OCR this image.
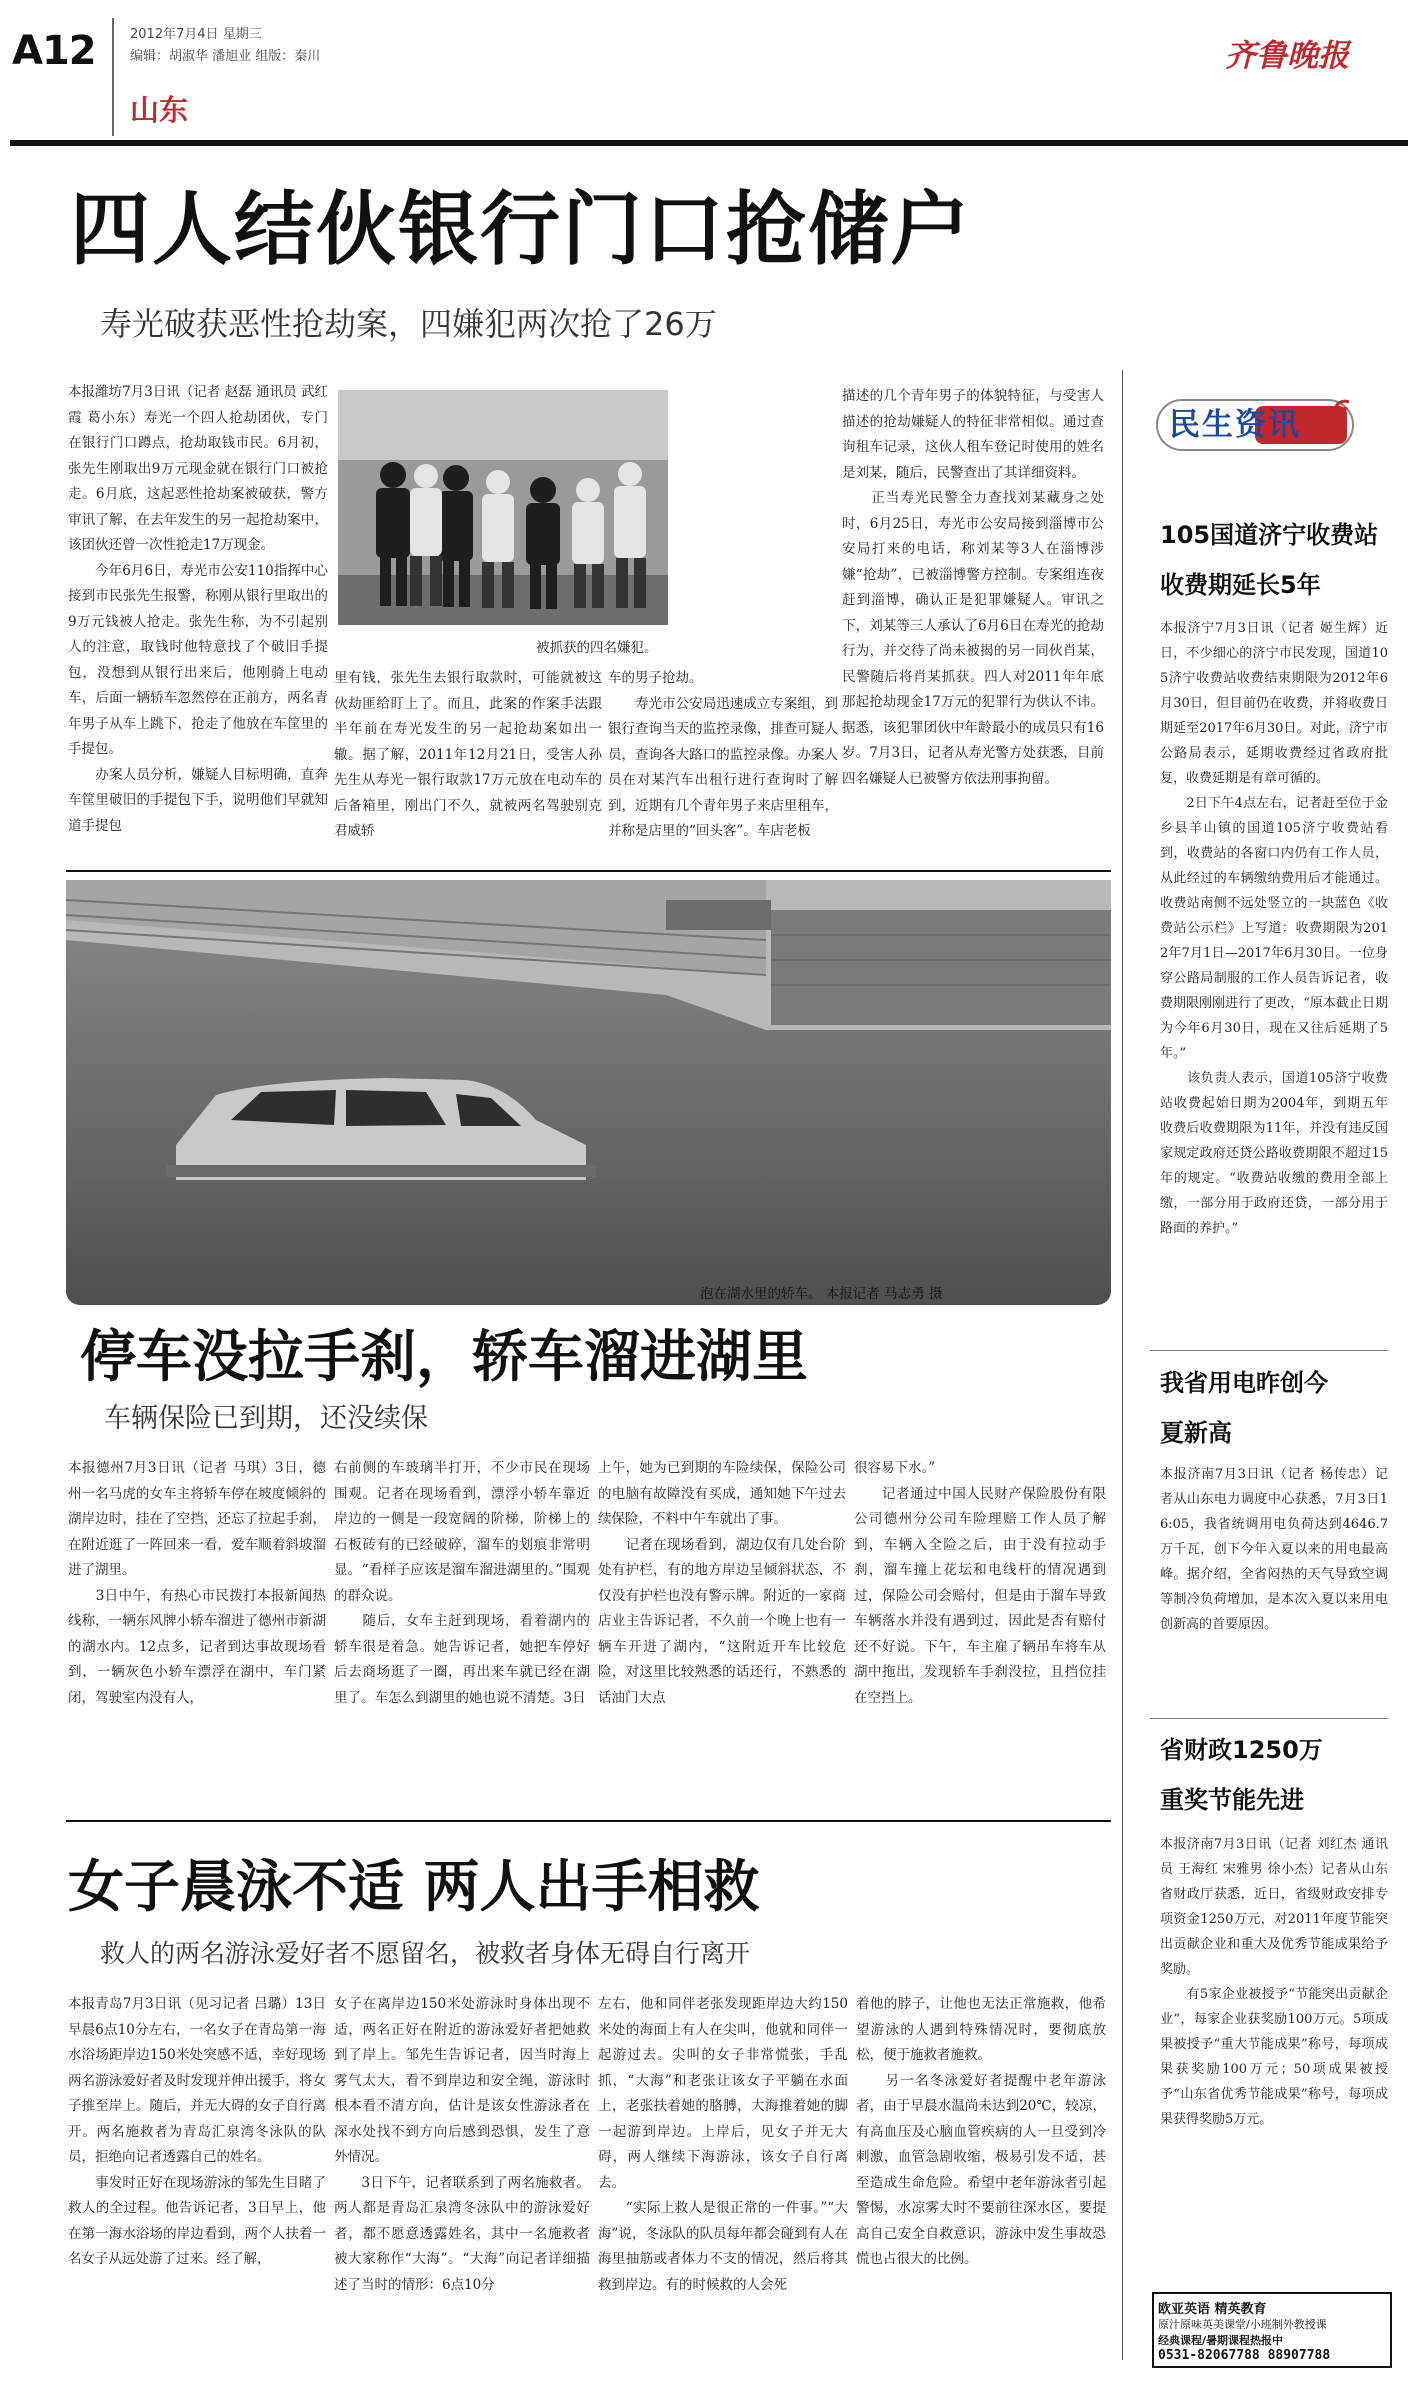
A12	2012年7月4日 星期三
编辑：胡淑华 潘旭业 组版：秦川
山东
齐鲁晚报
四人结伙银行门口抢储户
寿光破获恶性抢劫案，四嫌犯两次抢了26万
本报潍坊7月3日讯（记者 赵磊 通讯员 武红霞 葛小东）寿光一个四人抢劫团伙，专门在银行门口蹲点，抢劫取钱市民。6月初，张先生刚取出9万元现金就在银行门口被抢走。6月底，这起恶性抢劫案被破获，警方审讯了解，在去年发生的另一起抢劫案中，该团伙还曾一次性抢走17万现金。
　　今年6月6日，寿光市公安110指挥中心接到市民张先生报警，称刚从银行里取出的9万元钱被人抢走。张先生称，为不引起别人的注意，取钱时他特意找了个破旧手提包，没想到从银行出来后，他刚骑上电动车，后面一辆轿车忽然停在正前方，两名青年男子从车上跳下，抢走了他放在车筐里的手提包。
　　办案人员分析，嫌疑人目标明确，直奔车筐里破旧的手提包下手，说明他们早就知道手提包
里有钱，张先生去银行取款时，可能就被这伙劫匪给盯上了。而且，此案的作案手法跟半年前在寿光发生的另一起抢劫案如出一辙。据了解，2011年12月21日，受害人孙先生从寿光一银行取款17万元放在电动车的后备箱里，刚出门不久，就被两名驾驶别克君威轿
车的男子抢劫。
　　寿光市公安局迅速成立专案组，到银行查询当天的监控录像，排查可疑人员，查询各大路口的监控录像。办案人员在对某汽车出租行进行查询时了解到，近期有几个青年男子来店里租车，并称是店里的“回头客”。车店老板
描述的几个青年男子的体貌特征，与受害人描述的抢劫嫌疑人的特征非常相似。通过查询租车记录，这伙人租车登记时使用的姓名是刘某，随后，民警查出了其详细资料。
　　正当寿光民警全力查找刘某藏身之处时，6月25日，寿光市公安局接到淄博市公安局打来的电话，称刘某等3人在淄博涉嫌“抢劫”，已被淄博警方控制。专案组连夜赶到淄博，确认正是犯罪嫌疑人。审讯之下，刘某等三人承认了6月6日在寿光的抢劫行为，并交待了尚未被揭的另一同伙肖某，民警随后将肖某抓获。四人对2011年年底那起抢劫现金17万元的犯罪行为供认不讳。据悉，该犯罪团伙中年龄最小的成员只有16岁。7月3日，记者从寿光警方处获悉，目前四名嫌疑人已被警方依法刑事拘留。
被抓获的四名嫌犯。
泡在湖水里的轿车。 本报记者 马志勇 摄
停车没拉手刹，轿车溜进湖里
车辆保险已到期，还没续保
本报德州7月3日讯（记者 马琪）3日，德州一名马虎的女车主将轿车停在坡度倾斜的湖岸边时，挂在了空挡，还忘了拉起手刹，在附近逛了一阵回来一看，爱车顺着斜坡溜进了湖里。
　　3日中午，有热心市民拨打本报新闻热线称，一辆东风牌小轿车溜进了德州市新湖的湖水内。12点多，记者到达事故现场看到，一辆灰色小轿车漂浮在湖中，车门紧闭，驾驶室内没有人，
右前侧的车玻璃半打开，不少市民在现场围观。记者在现场看到，漂浮小轿车靠近岸边的一侧是一段宽阔的阶梯，阶梯上的石板砖有的已经破碎，溜车的划痕非常明显。“看样子应该是溜车溜进湖里的。”围观的群众说。
　　随后，女车主赶到现场，看着湖内的轿车很是着急。她告诉记者，她把车停好后去商场逛了一圈，再出来车就已经在湖里了。车怎么到湖里的她也说不清楚。3日
上午，她为已到期的车险续保，保险公司的电脑有故障没有买成，通知她下午过去续保险，不料中午车就出了事。
　　记者在现场看到，湖边仅有几处台阶处有护栏，有的地方岸边呈倾斜状态，不仅没有护栏也没有警示牌。附近的一家商店业主告诉记者，不久前一个晚上也有一辆车开进了湖内，“这附近开车比较危险，对这里比较熟悉的话还行，不熟悉的话油门大点
很容易下水。”
　　记者通过中国人民财产保险股份有限公司德州分公司车险理赔工作人员了解到，车辆入全险之后，由于没有拉动手刹，溜车撞上花坛和电线杆的情况遇到过，保险公司会赔付，但是由于溜车导致车辆落水并没有遇到过，因此是否有赔付还不好说。下午，车主雇了辆吊车将车从湖中拖出，发现轿车手刹没拉，且挡位挂在空挡上。
女子晨泳不适 两人出手相救
救人的两名游泳爱好者不愿留名，被救者身体无碍自行离开
本报青岛7月3日讯（见习记者 吕璐）13日早晨6点10分左右，一名女子在青岛第一海水浴场距岸边150米处突感不适，幸好现场两名游泳爱好者及时发现并伸出援手，将女子推至岸上。随后，并无大碍的女子自行离开。两名施救者为青岛汇泉湾冬泳队的队员，拒绝向记者透露自己的姓名。
　　事发时正好在现场游泳的邹先生目睹了救人的全过程。他告诉记者，3日早上，他在第一海水浴场的岸边看到，两个人扶着一名女子从远处游了过来。经了解，
女子在离岸边150米处游泳时身体出现不适，两名正好在附近的游泳爱好者把她救到了岸上。邹先生告诉记者，因当时海上雾气太大，看不到岸边和安全绳，游泳时根本看不清方向，估计是该女性游泳者在深水处找不到方向后感到恐惧，发生了意外情况。
　　3日下午，记者联系到了两名施救者。两人都是青岛汇泉湾冬泳队中的游泳爱好者，都不愿意透露姓名，其中一名施救者被大家称作“大海”。“大海”向记者详细描述了当时的情形：6点10分
左右，他和同伴老张发现距岸边大约150米处的海面上有人在尖叫，他就和同伴一起游过去。尖叫的女子非常慌张，手乱抓，“大海”和老张让该女子平躺在水面上，老张扶着她的胳膊，大海推着她的脚一起游到岸边。上岸后，见女子并无大碍，两人继续下海游泳，该女子自行离去。
　　“实际上救人是很正常的一件事。”“大海”说，冬泳队的队员每年都会碰到有人在海里抽筋或者体力不支的情况，然后将其救到岸边。有的时候救的人会死
着他的脖子，让他也无法正常施救，他希望游泳的人遇到特殊情况时，要彻底放松，便于施救者施救。
　　另一名冬泳爱好者提醒中老年游泳者，由于早晨水温尚未达到20℃，较凉，有高血压及心脑血管疾病的人一旦受到冷刺激，血管急剧收缩，极易引发不适，甚至造成生命危险。希望中老年游泳者引起警惕，水凉雾大时不要前往深水区，要提高自己安全自救意识，游泳中发生事故恐慌也占很大的比例。
民生资讯
105国道济宁收费站收费期延长5年
本报济宁7月3日讯（记者 姬生辉）近日，不少细心的济宁市民发现，国道105济宁收费站收费结束期限为2012年6月30日，但目前仍在收费，并将收费日期延至2017年6月30日。对此，济宁市公路局表示，延期收费经过省政府批复，收费延期是有章可循的。
　　2日下午4点左右，记者赶至位于金乡县羊山镇的国道105济宁收费站看到，收费站的各窗口内仍有工作人员，从此经过的车辆缴纳费用后才能通过。收费站南侧不远处竖立的一块蓝色《收费站公示栏》上写道：收费期限为2012年7月1日—2017年6月30日。一位身穿公路局制服的工作人员告诉记者，收费期限刚刚进行了更改，“原本截止日期为今年6月30日，现在又往后延期了5年。”
　　该负责人表示，国道105济宁收费站收费起始日期为2004年，到期五年收费后收费期限为11年，并没有违反国家规定政府还贷公路收费期限不超过15年的规定。“收费站收缴的费用全部上缴，一部分用于政府还贷，一部分用于路面的养护。”
我省用电昨创今夏新高
本报济南7月3日讯（记者 杨传忠）记者从山东电力调度中心获悉，7月3日16:05，我省统调用电负荷达到4646.7万千瓦，创下今年入夏以来的用电最高峰。据介绍，全省闷热的天气导致空调等制冷负荷增加，是本次入夏以来用电创新高的首要原因。
省财政1250万重奖节能先进
本报济南7月3日讯（记者 刘红杰 通讯员 王海红 宋雅男 徐小杰）记者从山东省财政厅获悉，近日，省级财政安排专项资金1250万元，对2011年度节能突出贡献企业和重大及优秀节能成果给予奖励。
　　有5家企业被授予“节能突出贡献企业”，每家企业获奖励100万元。5项成果被授予“重大节能成果”称号，每项成果获奖励100万元；50项成果被授予“山东省优秀节能成果”称号，每项成果获得奖励5万元。
欧亚英语 精英教育
原汁原味英美课堂/小班制外教授课
经典课程/暑期课程热报中
0531-82067788 88907788
